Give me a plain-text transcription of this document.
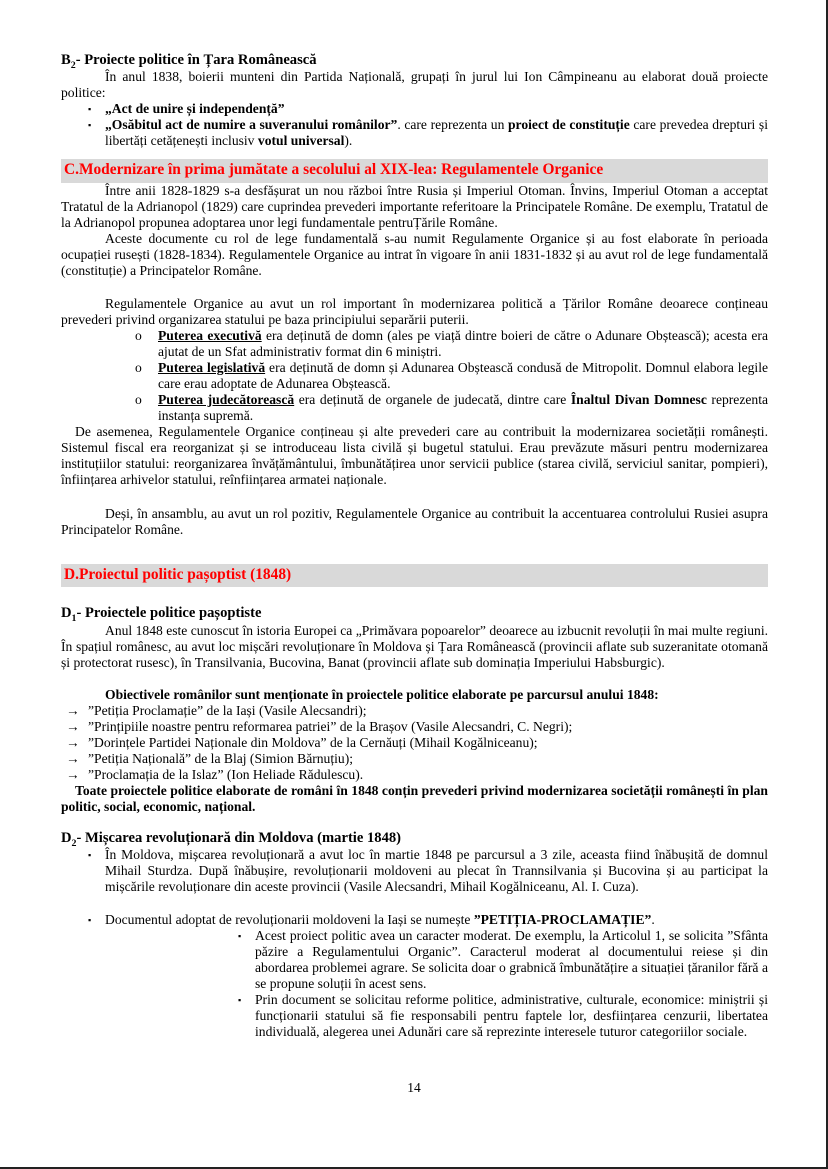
$B_2-$ Proiecte politice în Țara Românească
În anul 1838, boierii munteni din Partida Națională, grupați în jurul lui Ion Câmpineanu au elaborat două proiecte politice:
▪	„Act de unire și independență”
▪	„Osăbitul act de numire a suveranului românilor”. care reprezenta un proiect de constituție care prevedea drepturi și libertăți cetățenești inclusiv votul universal).
C.Modernizare în prima jumătate a secolului al XIX-lea: Regulamentele Organice
Între anii 1828-1829 s-a desfășurat un nou război între Rusia și Imperiul Otoman. Învins, Imperiul Otoman a acceptat Tratatul de la Adrianopol (1829) care cuprindea prevederi importante referitoare la Principatele Române. De exemplu, Tratatul de la Adrianopol propunea adoptarea unor legi fundamentale pentruȚările Române.
Aceste documente cu rol de lege fundamentală s-au numit Regulamente Organice și au fost elaborate în perioada ocupației rusești (1828-1834). Regulamentele Organice au intrat în vigoare în anii 1831-1832 și au avut rol de lege fundamentală (constituție) a Principatelor Române.
Regulamentele Organice au avut un rol important în modernizarea politică a Țărilor Române deoarece conțineau prevederi privind organizarea statului pe baza principiului separării puterii.
o	Puterea executivă era deținută de domn (ales pe viață dintre boieri de către o Adunare Obștească); acesta era ajutat de un Sfat administrativ format din 6 miniștri.
o	Puterea legislativă era deținută de domn și Adunarea Obștească condusă de Mitropolit. Domnul elabora legile care erau adoptate de Adunarea Obștească.
o	Puterea judecătorească era deținută de organele de judecată, dintre care Înaltul Divan Domnesc reprezenta instanța supremă.
De asemenea, Regulamentele Organice conțineau și alte prevederi care au contribuit la modernizarea societății românești. Sistemul fiscal era reorganizat și se introduceau lista civilă și bugetul statului. Erau prevăzute măsuri pentru modernizarea instituțiilor statului: reorganizarea învățământului, îmbunătățirea unor servicii publice (starea civilă, serviciul sanitar, pompieri), înființarea arhivelor statului, reînființarea armatei naționale.
Deși, în ansamblu, au avut un rol pozitiv, Regulamentele Organice au contribuit la accentuarea controlului Rusiei asupra Principatelor Române.
D.Proiectul politic pașoptist (1848)
$D_1-$ Proiectele politice pașoptiste
Anul 1848 este cunoscut în istoria Europei ca „Primăvara popoarelor” deoarece au izbucnit revoluții în mai multe regiuni. În spațiul românesc, au avut loc mișcări revoluționare în Moldova și Țara Românească (provincii aflate sub suzeranitate otomană și protectorat rusesc), în Transilvania, Bucovina, Banat (provincii aflate sub dominația Imperiului Habsburgic).
Obiectivele românilor sunt menționate în proiectele politice elaborate pe parcursul anului 1848:
→ ”Petiția Proclamație” de la Iași (Vasile Alecsandri);
→ ”Prințipiile noastre pentru reformarea patriei” de la Brașov (Vasile Alecsandri, C. Negri);
→ ”Dorințele Partidei Naționale din Moldova” de la Cernăuți (Mihail Kogălniceanu);
→ ”Petiția Națională” de la Blaj (Simion Bărnuțiu);
→ ”Proclamația de la Islaz” (Ion Heliade Rădulescu).
Toate proiectele politice elaborate de români în 1848 conțin prevederi privind modernizarea societății românești în plan politic, social, economic, național.
$D_2-$ Mișcarea revoluționară din Moldova (martie 1848)
▪	În Moldova, mișcarea revoluționară a avut loc în martie 1848 pe parcursul a 3 zile, aceasta fiind înăbușită de domnul Mihail Sturdza. După înăbușire, revoluționarii moldoveni au plecat în Trannsilvania și Bucovina și au participat la mișcările revoluționare din aceste provincii (Vasile Alecsandri, Mihail Kogălniceanu, Al. I. Cuza).
▪	Documentul adoptat de revoluționarii moldoveni la Iași se numește ”PETIȚIA-PROCLAMAȚIE”.
▪	Acest proiect politic avea un caracter moderat. De exemplu, la Articolul 1, se solicita ”Sfânta păzire a Regulamentului Organic”. Caracterul moderat al documentului reiese și din abordarea problemei agrare. Se solicita doar o grabnică îmbunătățire a situației țăranilor fără a se propune soluții în acest sens.
▪	Prin document se solicitau reforme politice, administrative, culturale, economice: miniștrii și funcționarii statului să fie responsabili pentru faptele lor, desființarea cenzurii, libertatea individuală, alegerea unei Adunări care să reprezinte interesele tuturor categoriilor sociale.
14
